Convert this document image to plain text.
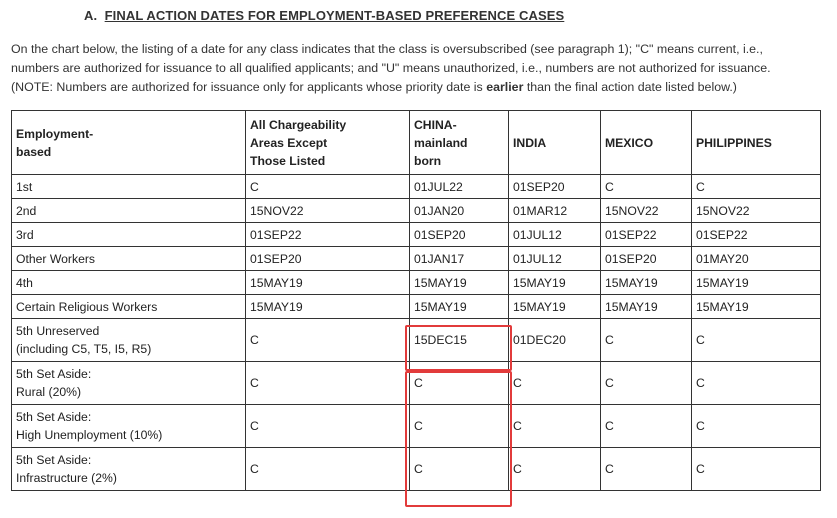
A. FINAL ACTION DATES FOR EMPLOYMENT-BASED PREFERENCE CASES

On the chart below, the listing of a date for any class indicates that the class is oversubscribed (see paragraph 1); "C" means current, i.e.,

numbers are authorized for issuance to all qualified applicants; and "U" means unauthorized, i.e., numbers are not authorized for issuance.

(NOTE: Numbers are authorized for issuance only for applicants whose priority date is earlier than the final action date listed below.)

Employment-
based	All Chargeability
Areas Except
Those Listed	CHINA-
mainland
born	INDIA	MEXICO	PHILIPPINES
1st	C	01JUL22	01SEP20	C	C
2nd	15NOV22	01JAN20	01MAR12	15NOV22	15NOV22
3rd	01SEP22	01SEP20	01JUL12	01SEP22	01SEP22
Other Workers	01SEP20	01JAN17	01JUL12	01SEP20	01MAY20
4th	15MAY19	15MAY19	15MAY19	15MAY19	15MAY19
Certain Religious Workers	15MAY19	15MAY19	15MAY19	15MAY19	15MAY19
5th Unreserved
(including C5, T5, I5, R5)	C	15DEC15	01DEC20	C	C
5th Set Aside:
Rural (20%)	C	C	C	C	C
5th Set Aside:
High Unemployment (10%)	C	C	C	C	C
5th Set Aside:
Infrastructure (2%)	C	C	C	C	C
